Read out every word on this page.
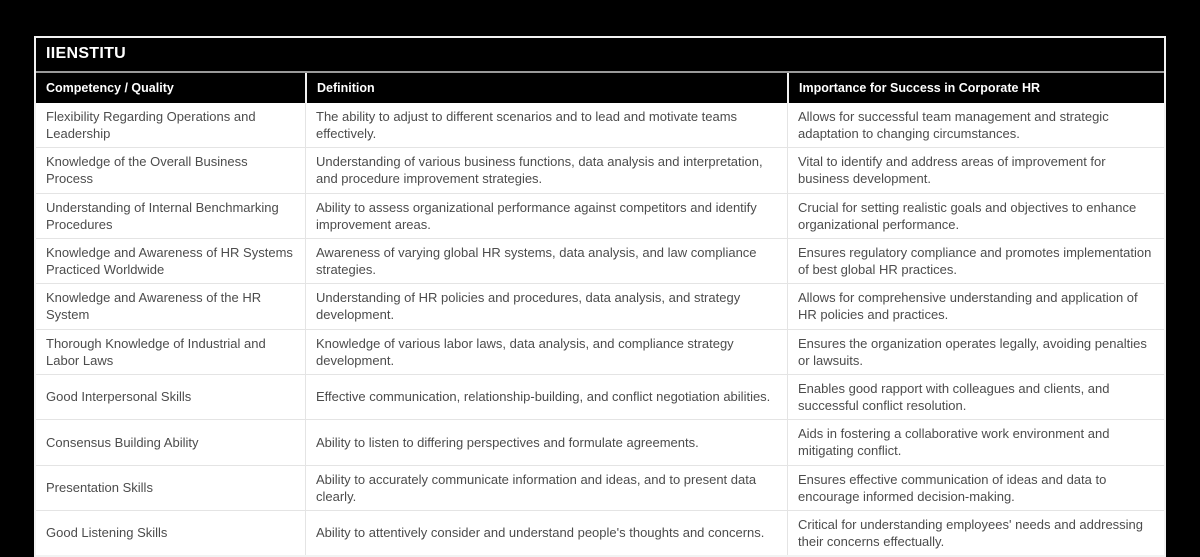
IIENSTITU
Competency / Quality	Definition	Importance for Success in Corporate HR
Flexibility Regarding Operations and Leadership	The ability to adjust to different scenarios and to lead and motivate teams effectively.	Allows for successful team management and strategic adaptation to changing circumstances.
Knowledge of the Overall Business Process	Understanding of various business functions, data analysis and interpretation, and procedure improvement strategies.	Vital to identify and address areas of improvement for business development.
Understanding of Internal Benchmarking Procedures	Ability to assess organizational performance against competitors and identify improvement areas.	Crucial for setting realistic goals and objectives to enhance organizational performance.
Knowledge and Awareness of HR Systems Practiced Worldwide	Awareness of varying global HR systems, data analysis, and law compliance strategies.	Ensures regulatory compliance and promotes implementation of best global HR practices.
Knowledge and Awareness of the HR System	Understanding of HR policies and procedures, data analysis, and strategy development.	Allows for comprehensive understanding and application of HR policies and practices.
Thorough Knowledge of Industrial and Labor Laws	Knowledge of various labor laws, data analysis, and compliance strategy development.	Ensures the organization operates legally, avoiding penalties or lawsuits.
Good Interpersonal Skills	Effective communication, relationship-building, and conflict negotiation abilities.	Enables good rapport with colleagues and clients, and successful conflict resolution.
Consensus Building Ability	Ability to listen to differing perspectives and formulate agreements.	Aids in fostering a collaborative work environment and mitigating conflict.
Presentation Skills	Ability to accurately communicate information and ideas, and to present data clearly.	Ensures effective communication of ideas and data to encourage informed decision-making.
Good Listening Skills	Ability to attentively consider and understand people's thoughts and concerns.	Critical for understanding employees' needs and addressing their concerns effectually.
